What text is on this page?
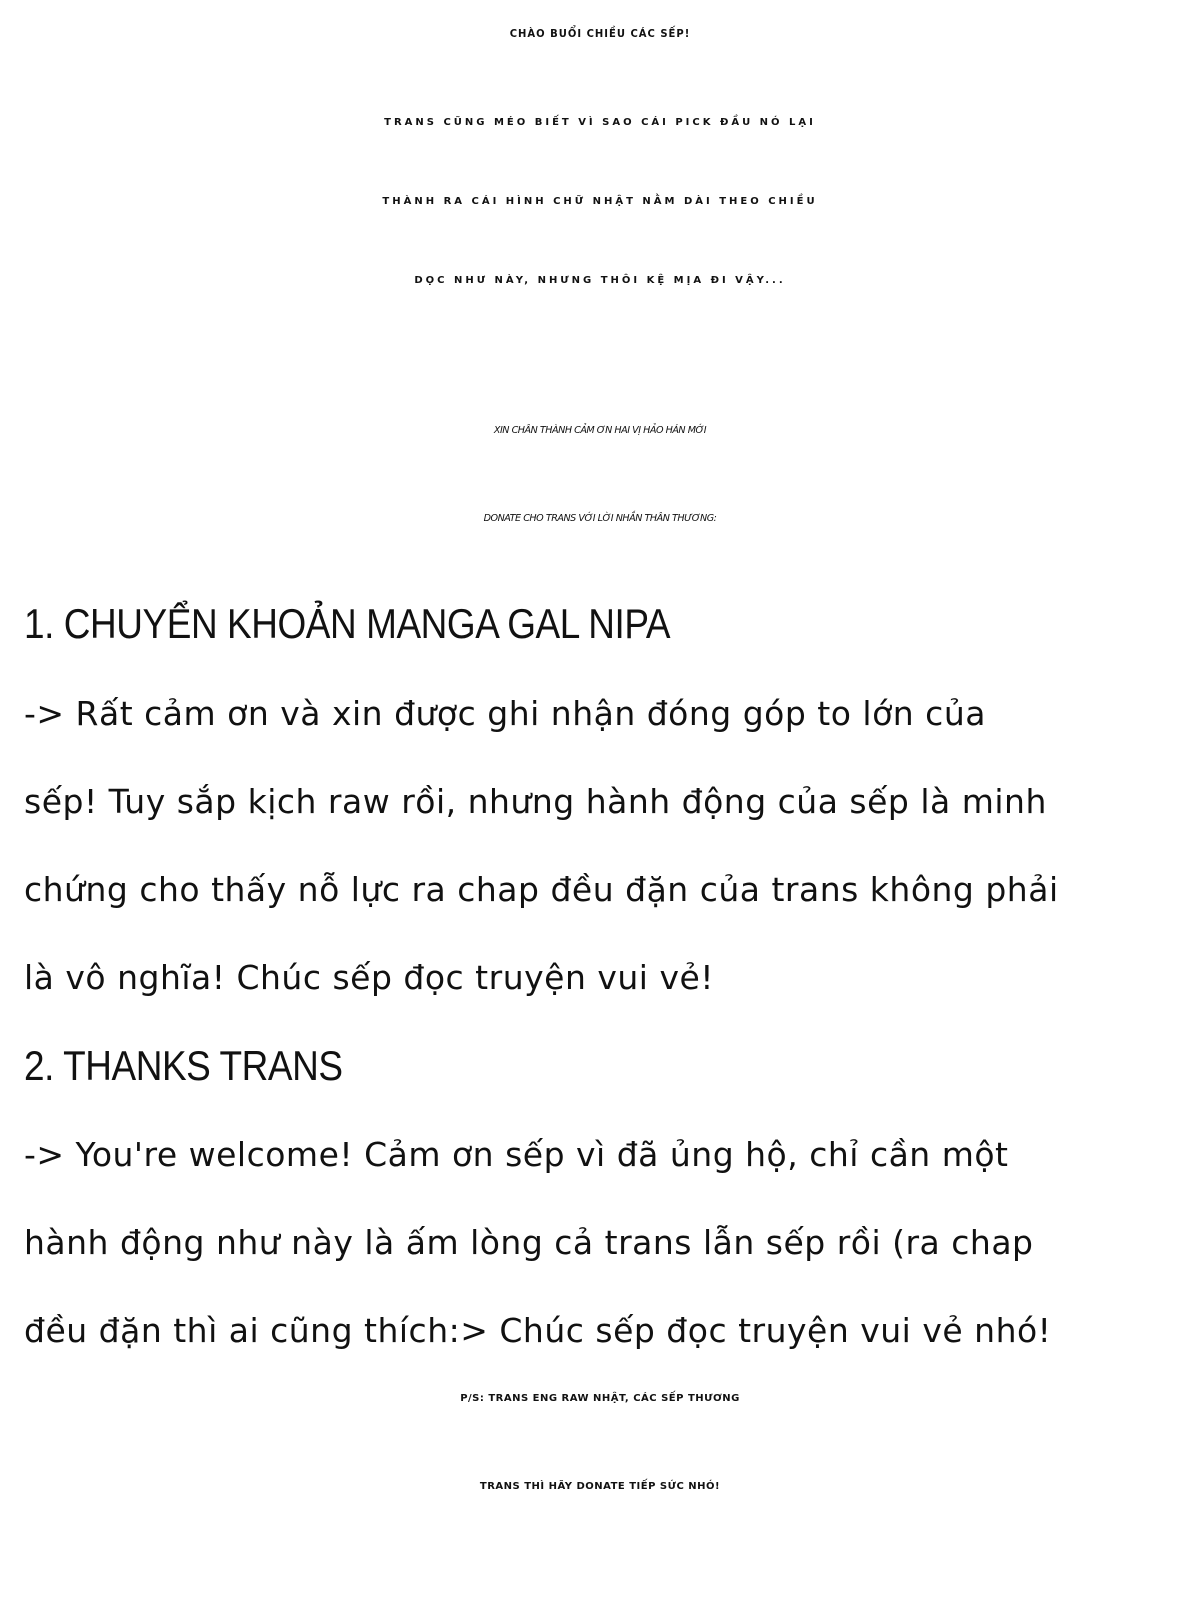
CHÀO BUỔI CHIỀU CÁC SẾP!
TRANS CŨNG MÉO BIẾT VÌ SAO CÁI PICK ĐẦU NÓ LẠI
THÀNH RA CÁI HÌNH CHỮ NHẬT NẰM DÀI THEO CHIỀU
DỌC NHƯ NÀY, NHƯNG THÔI KỆ MỊA ĐI VẬY...
XIN CHÂN THÀNH CẢM ƠN HAI VỊ HẢO HÁN MỚI
DONATE CHO TRANS VỚI LỜI NHẮN THÂN THƯƠNG:
1. CHUYỂN KHOẢN MANGA GAL NIPA
-> Rất cảm ơn và xin được ghi nhận đóng góp to lớn của
sếp! Tuy sắp kịch raw rồi, nhưng hành động của sếp là minh
chứng cho thấy nỗ lực ra chap đều đặn của trans không phải
là vô nghĩa! Chúc sếp đọc truyện vui vẻ!
2. THANKS TRANS
-> You're welcome! Cảm ơn sếp vì đã ủng hộ, chỉ cần một
hành động như này là ấm lòng cả trans lẫn sếp rồi (ra chap
đều đặn thì ai cũng thích:> Chúc sếp đọc truyện vui vẻ nhó!
P/S: TRANS ENG RAW NHẬT, CÁC SẾP THƯƠNG
TRANS THÌ HÃY DONATE TIẾP SỨC NHÓ!
